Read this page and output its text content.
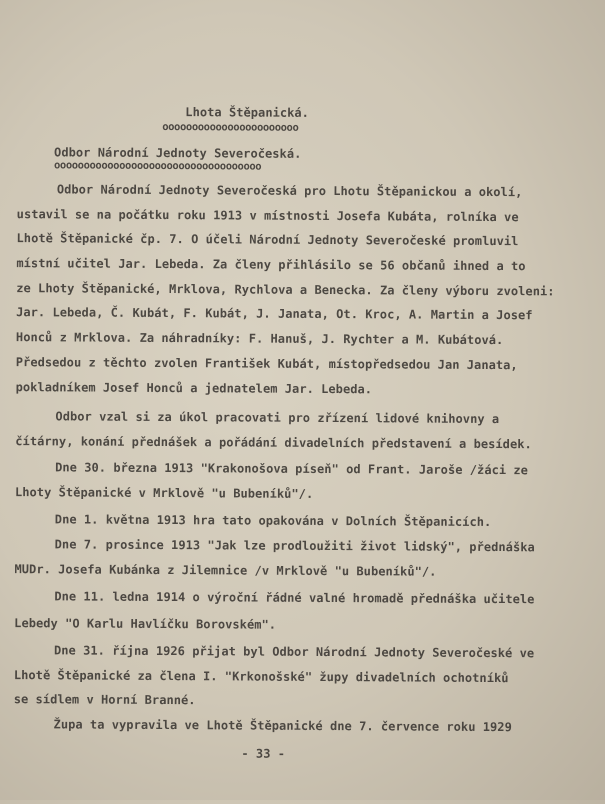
Lhota Štěpanická.
ooooooooooooooooooooooo
Odbor Národní Jednoty Severočeská.
ooooooooooooooooooooooooooooooooooo
Odbor Národní Jednoty Severočeská pro Lhotu Štěpanickou a okolí,
ustavil se na počátku roku 1913 v místnosti Josefa Kubáta, rolníka ve
Lhotě Štěpanické čp. 7. O účeli Národní Jednoty Severočeské promluvil
místní učitel Jar. Lebeda. Za členy přihlásilo se 56 občanů ihned a to
ze Lhoty Štěpanické, Mrklova, Rychlova a Benecka. Za členy výboru zvoleni:
Jar. Lebeda, Č. Kubát, F. Kubát, J. Janata, Ot. Kroc, A. Martin a Josef
Honců z Mrklova. Za náhradníky: F. Hanuš, J. Rychter a M. Kubátová.
Předsedou z těchto zvolen František Kubát, místopředsedou Jan Janata,
pokladníkem Josef Honců a jednatelem Jar. Lebeda.
Odbor vzal si za úkol pracovati pro zřízení lidové knihovny a
čítárny, konání přednášek a pořádání divadelních představení a besídek.
Dne 30. března 1913 "Krakonošova píseň" od Frant. Jaroše /žáci ze
Lhoty Štěpanické v Mrklově "u Bubeníků"/.
Dne 1. května 1913 hra tato opakována v Dolních Štěpanicích.
Dne 7. prosince 1913 "Jak lze prodloužiti život lidský", přednáška
MUDr. Josefa Kubánka z Jilemnice /v Mrklově "u Bubeníků"/.
Dne 11. ledna 1914 o výroční řádné valné hromadě přednáška učitele
Lebedy "O Karlu Havlíčku Borovském".
Dne 31. října 1926 přijat byl Odbor Národní Jednoty Severočeské ve
Lhotě Štěpanické za člena I. "Krkonošské" župy divadelních ochotníků
se sídlem v Horní Branné.
Župa ta vypravila ve Lhotě Štěpanické dne 7. července roku 1929
- 33 -
